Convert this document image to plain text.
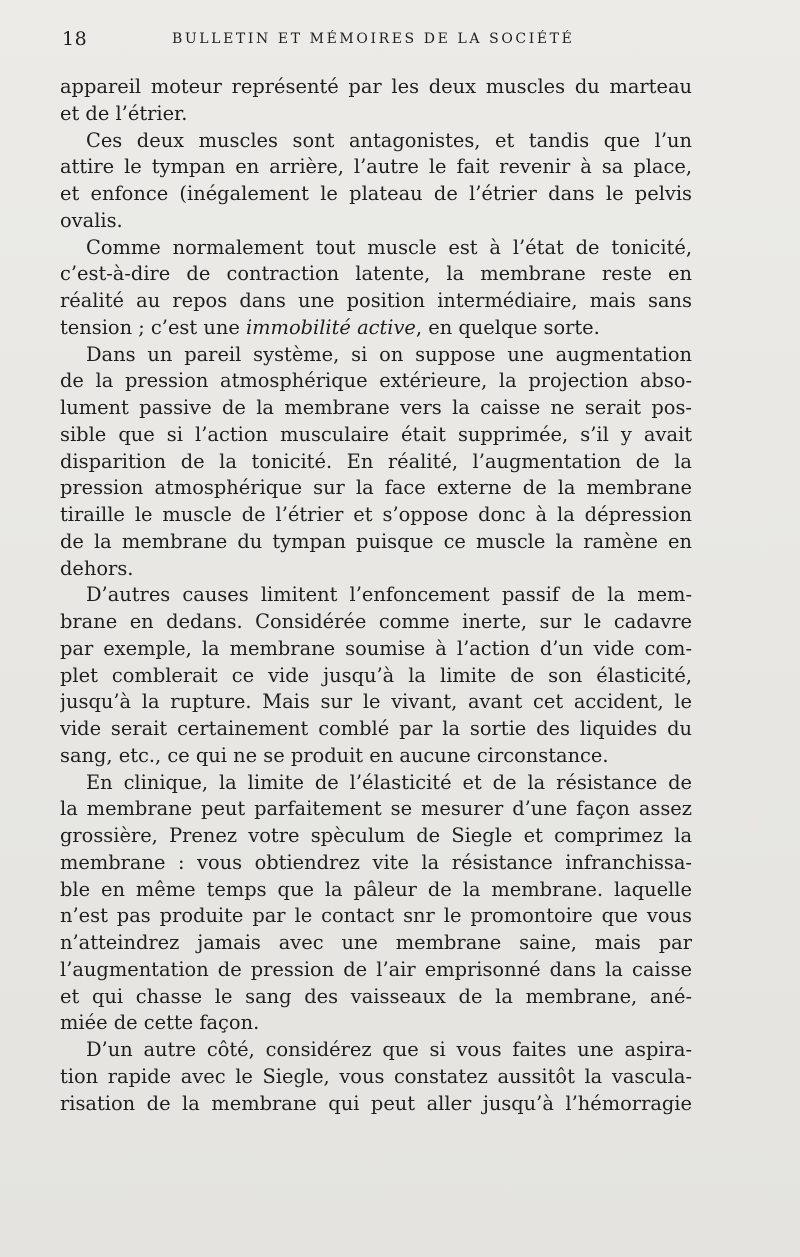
18	BULLETIN ET MÉMOIRES DE LA SOCIÉTÉ
appareil moteur représenté par les deux muscles du marteau
et de l’étrier.
Ces deux muscles sont antagonistes, et tandis que l’un
attire le tympan en arrière, l’autre le fait revenir à sa place,
et enfonce (inégalement le plateau de l’étrier dans le pelvis
ovalis.
Comme normalement tout muscle est à l’état de tonicité,
c’est-à-dire de contraction latente, la membrane reste en
réalité au repos dans une position intermédiaire, mais sans
tension ; c’est une immobilité active, en quelque sorte.
Dans un pareil système, si on suppose une augmentation
de la pression atmosphérique extérieure, la projection abso-
lument passive de la membrane vers la caisse ne serait pos-
sible que si l’action musculaire était supprimée, s’il y avait
disparition de la tonicité. En réalité, l’augmentation de la
pression atmosphérique sur la face externe de la membrane
tiraille le muscle de l’étrier et s’oppose donc à la dépression
de la membrane du tympan puisque ce muscle la ramène en
dehors.
D’autres causes limitent l’enfoncement passif de la mem-
brane en dedans. Considérée comme inerte, sur le cadavre
par exemple, la membrane soumise à l’action d’un vide com-
plet comblerait ce vide jusqu’à la limite de son élasticité,
jusqu’à la rupture. Mais sur le vivant, avant cet accident, le
vide serait certainement comblé par la sortie des liquides du
sang, etc., ce qui ne se produit en aucune circonstance.
En clinique, la limite de l’élasticité et de la résistance de
la membrane peut parfaitement se mesurer d’une façon assez
grossière, Prenez votre spèculum de Siegle et comprimez la
membrane : vous obtiendrez vite la résistance infranchissa-
ble en même temps que la pâleur de la membrane. laquelle
n’est pas produite par le contact snr le promontoire que vous
n’atteindrez jamais avec une membrane saine, mais par
l’augmentation de pression de l’air emprisonné dans la caisse
et qui chasse le sang des vaisseaux de la membrane, ané-
miée de cette façon.
D’un autre côté, considérez que si vous faites une aspira-
tion rapide avec le Siegle, vous constatez aussitôt la vascula-
risation de la membrane qui peut aller jusqu’à l’hémorragie
